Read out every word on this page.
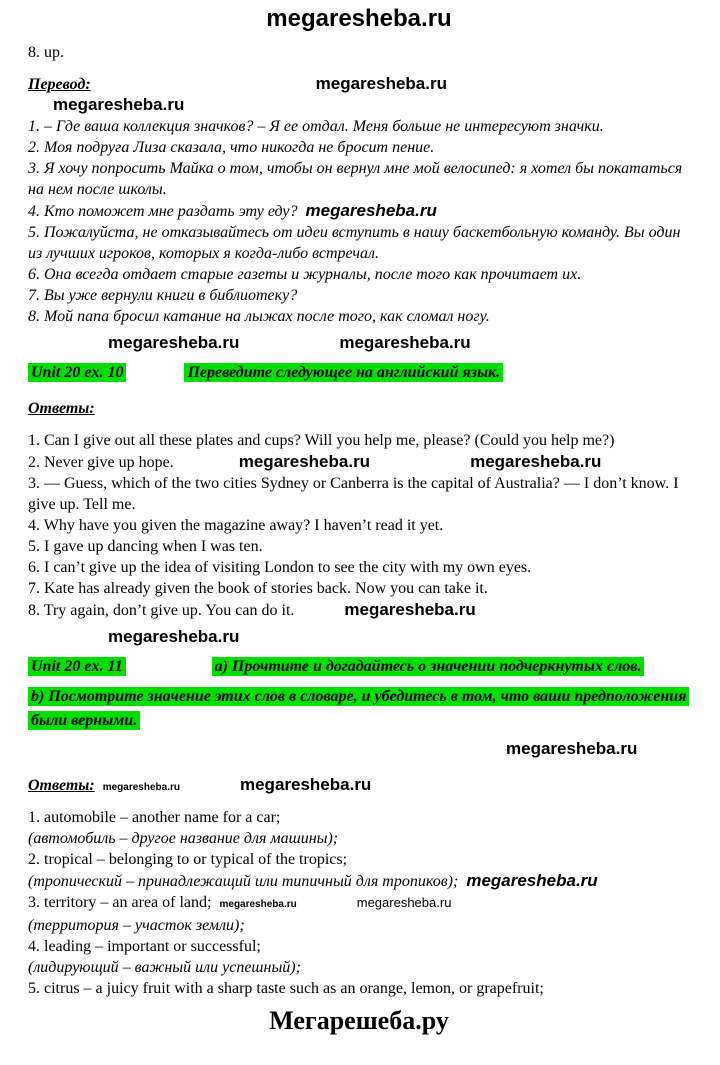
megaresheba.ru

8. up.

Перевод:	megaresheba.ru

megaresheba.ru

1. – Где ваша коллекция значков? – Я ее отдал. Меня больше не интересуют значки.

2. Моя подруга Лиза сказала, что никогда не бросит пение.

3. Я хочу попросить Майка о том, чтобы он вернул мне мой велосипед: я хотел бы покататься на нем после школы.

4. Кто поможет мне раздать эту еду? megaresheba.ru

5. Пожалуйста, не отказывайтесь от идеи вступить в нашу баскетбольную команду. Вы один из лучших игроков, которых я когда-либо встречал.

6. Она всегда отдает старые газеты и журналы, после того как прочитает их.

7. Вы уже вернули книги в библиотеку?

8. Мой папа бросил катание на лыжах после того, как сломал ногу.

megaresheba.ru	megaresheba.ru

Unit 20 ex. 10	Переведите следующее на английский язык.

Ответы:

1. Can I give out all these plates and cups? Will you help me, please? (Could you help me?)

2. Never give up hope.	megaresheba.ru	megaresheba.ru

3. — Guess, which of the two cities Sydney or Canberra is the capital of Australia? — I don’t know. I give up. Tell me.

4. Why have you given the magazine away? I haven’t read it yet.

5. I gave up dancing when I was ten.

6. I can’t give up the idea of visiting London to see the city with my own eyes.

7. Kate has already given the book of stories back. Now you can take it.

8. Try again, don’t give up. You can do it.	megaresheba.ru

megaresheba.ru

Unit 20 ex. 11	a) Прочтите и догадайтесь о значении подчеркнутых слов.

b) Посмотрите значение этих слов в словаре, и убедитесь в том, что ваши предположения были верными.

megaresheba.ru

Ответы: megaresheba.ru	megaresheba.ru

1. automobile – another name for a car;

(автомобиль – другое название для машины);

2. tropical – belonging to or typical of the tropics;

(тропический – принадлежащий или типичный для тропиков); megaresheba.ru

3. territory – an area of land; megaresheba.ru	megaresheba.ru

(территория – участок земли);

4. leading – important or successful;

(лидирующий – важный или успешный);

5. citrus – a juicy fruit with a sharp taste such as an orange, lemon, or grapefruit;

Мегарешеба.ру
